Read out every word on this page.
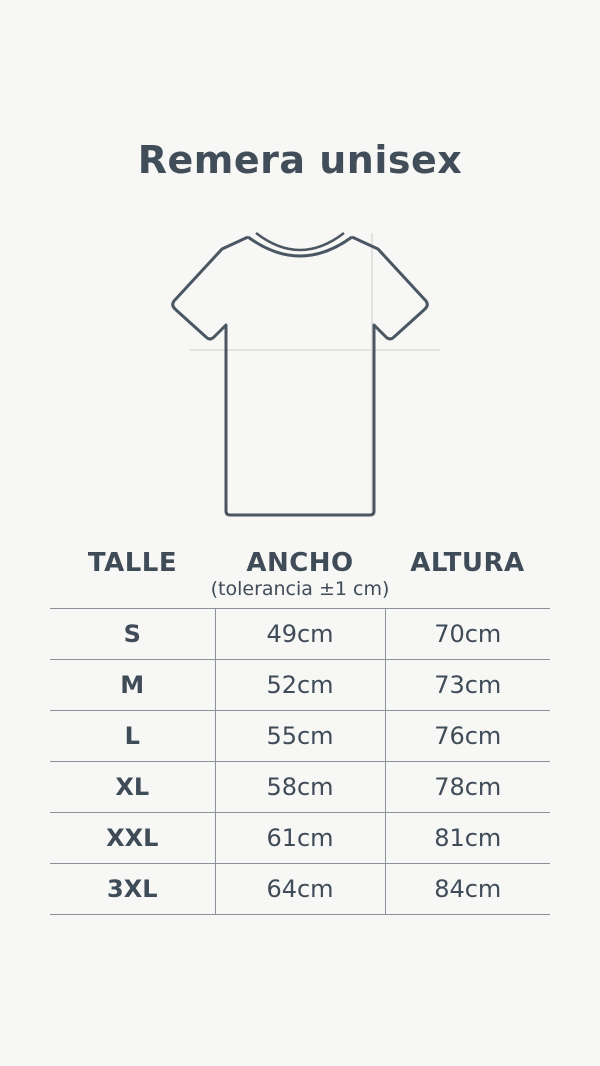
Remera unisex
TALLE	ANCHO	ALTURA
(tolerancia ±1 cm)		
S	49cm	70cm
M	52cm	73cm
L	55cm	76cm
XL	58cm	78cm
XXL	61cm	81cm
3XL	64cm	84cm
